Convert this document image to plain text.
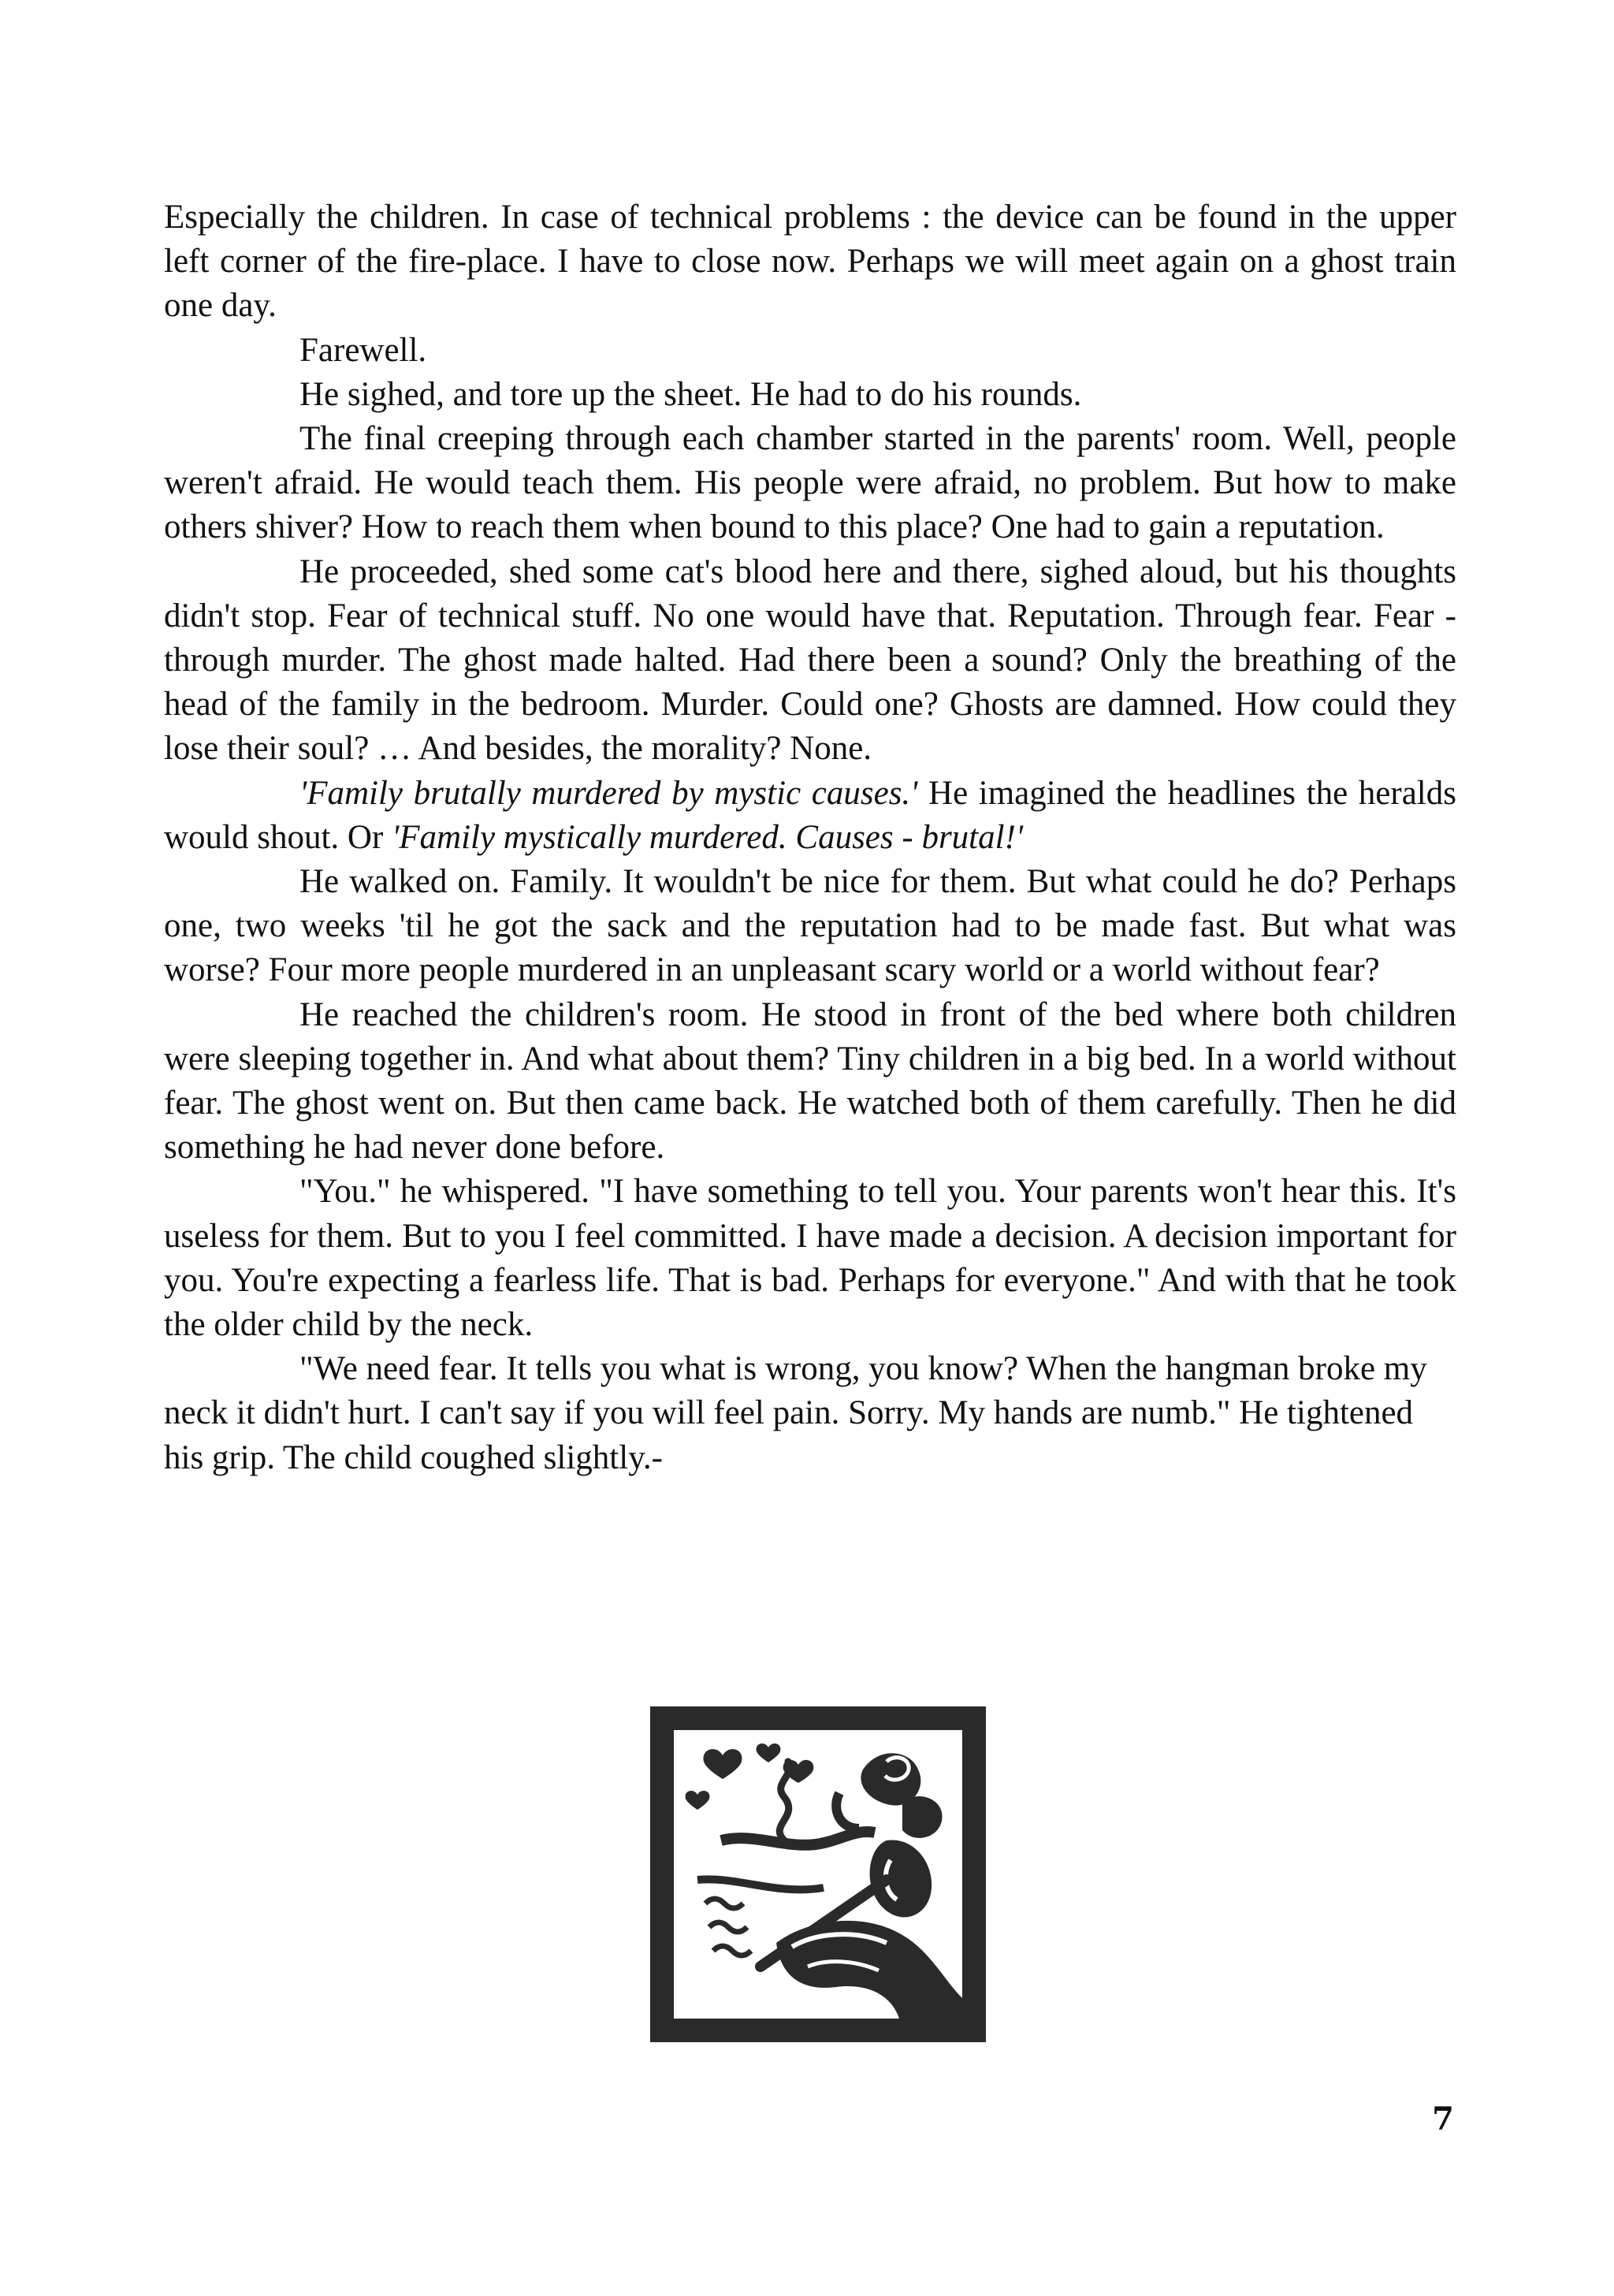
Especially the children. In case of technical problems : the device can be found in the upper left corner of the fire-place. I have to close now. Perhaps we will meet again on a ghost train one day.

Farewell.

He sighed, and tore up the sheet. He had to do his rounds.

The final creeping through each chamber started in the parents' room. Well, people weren't afraid. He would teach them. His people were afraid, no problem. But how to make others shiver? How to reach them when bound to this place? One had to gain a reputation.

He proceeded, shed some cat's blood here and there, sighed aloud, but his thoughts didn't stop. Fear of technical stuff. No one would have that. Reputation. Through fear. Fear - through murder. The ghost made halted. Had there been a sound? Only the breathing of the head of the family in the bedroom. Murder. Could one? Ghosts are damned. How could they lose their soul? … And besides, the morality? None.

'Family brutally murdered by mystic causes.' He imagined the headlines the heralds would shout. Or 'Family mystically murdered. Causes - brutal!'

He walked on. Family. It wouldn't be nice for them. But what could he do? Perhaps one, two weeks 'til he got the sack and the reputation had to be made fast. But what was worse? Four more people murdered in an unpleasant scary world or a world without fear?

He reached the children's room. He stood in front of the bed where both children were sleeping together in. And what about them? Tiny children in a big bed. In a world without fear. The ghost went on. But then came back. He watched both of them carefully. Then he did something he had never done before.

"You." he whispered. "I have something to tell you. Your parents won't hear this. It's useless for them. But to you I feel committed. I have made a decision. A decision important for you. You're expecting a fearless life. That is bad. Perhaps for everyone." And with that he took the older child by the neck.

"We need fear. It tells you what is wrong, you know? When the hangman broke my neck it didn't hurt. I can't say if you will feel pain. Sorry. My hands are numb." He tightened his grip. The child coughed slightly.-

7
